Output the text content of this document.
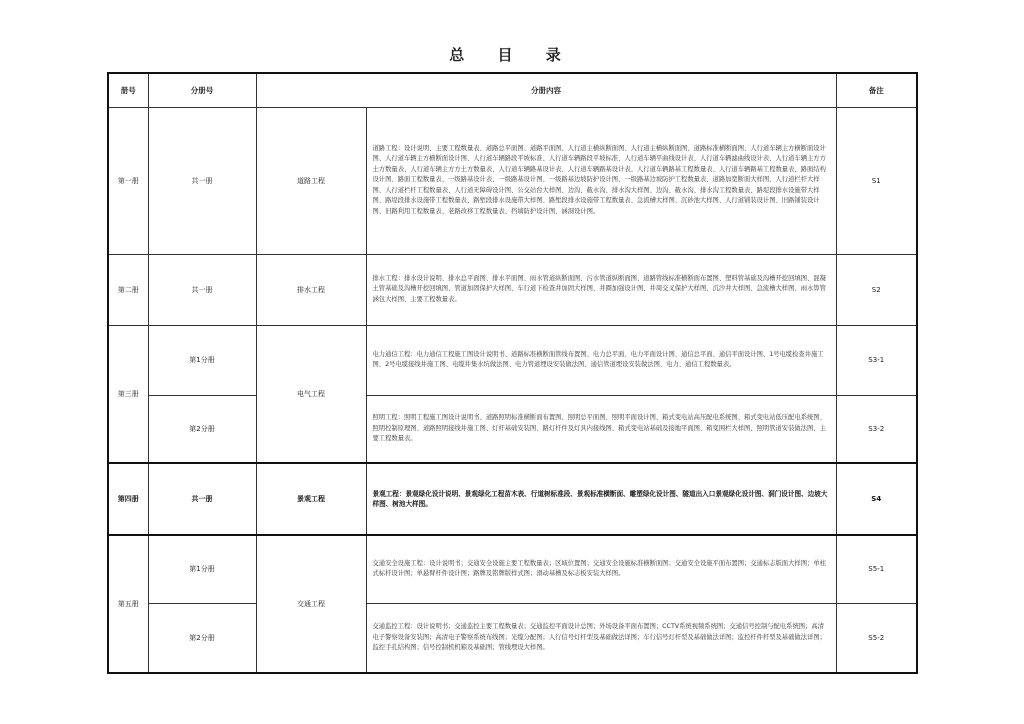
总 目 录
册号	分册号	分册内容		备注
第一册	共一册	道路工程	道路工程：设计说明、主要工程数量表、道路总平面图、道路平面图、人行道主横纵断面图、人行道主横纵断面图、道路标准横断面图、人行道车辆主方横断面设计图、人行道车辆主方横断面设计图、人行道车辆路段平坡标准、人行道车辆路段平坡标准、人行道车辆平曲线设计表、人行道车辆滤曲线设计表、人行道车辆主方方土方数量表、人行道车辆主方方土方数量表、人行道车辆路基设计表、人行道车辆路基设计表、人行道车辆路基工程数量表、人行道车辆路基工程数量表、路面结构设计图、路面工程数量表、一级路基设计表、一级路基设计图、一级路基边坡防护设计图、一级路基边坡防护工程数量表、道路加宽断面大样图、人行道栏杆大样图、人行道栏杆工程数量表、人行道无障碍设计图、公交站台大样图、边沟、截水沟、排水沟大样图、边沟、截水沟、排水沟工程数量表、路堤段排水设施带大样图、路堤段排水设施带工程数量表、路堑段排水设施带大样图、路堑段排水设施带工程数量表、急流槽大样图、沉砂池大样图、人行道铺装设计图、旧路铺装设计图、旧路利用工程数量表、老路改移工程数量表、挡墙防护设计图、涵洞设计图。	S1
第二册	共一册	排水工程	排水工程：排水设计说明、排水总平面图、排水平面图、雨水管道纵断面图、污水管道纵断面图、道路管线标准横断面布置图、塑料管基础及沟槽开挖回填图、混凝土管基础及沟槽开挖回填图、管道加固保护大样图、车行道下检查井加固大样图、井圈加强设计图、井周交叉保护大样图、沉沙井大样图、急流槽大样图、雨水箅管涵包大样图、主要工程数量表。	S2
第三册	第1分册	电气工程	电力通信工程：电力通信工程施工图设计说明书、道路标准横断面管线布置图、电力总平面、电力平面设计图、通信总平面、通信平面设计图、1号电缆检查井施工图、2号电缆接线井施工图、电缆井集水坑做法图、电力管道埋设安装做法图、通信管道埋设安装做法图、电力、通信工程数量表。	S3-1
	第2分册		照明工程：照明工程施工图设计说明书、道路照明标准横断面布置图、照明总平面图、照明平面设计图、箱式变电站高压配电系统图、箱式变电站低压配电系统图、照明控制原理图、道路照明接线井施工图、灯杆基础安装图、路灯杆件及灯具内接线图、箱式变电站基础及接地平面图、箱变围栏大样图、照明管道安装做法图、主要工程数量表。	S3-2
第四册	共一册	景观工程	景观工程：景观绿化设计说明、景观绿化工程苗木表、行道树标准段、景观标准横断面、雕塑绿化设计图、隧道出入口景观绿化设计图、洞门设计图、边坡大样图、树池大样图。	S4
第五册	第1分册	交通工程	交通安全设施工程：设计说明书；交通安全设施主要工程数量表；区域位置图；交通安全设施标准横断面图；交通安全设施平面布置图；交通标志版面大样图；单柱式标杆设计图；单悬臂杆件设计图；路牌及铭牌版样式图；滑动基槽及标志板安装大样图。	S5-1
	第2分册		交通监控工程：设计说明书；交通监控主要工程数量表；交通监控平面设计总图；外场设备平面布置图；CCTV系统视频系统图；交通信号控制与配电系统图；高清电子警察设备安装图；高清电子警察系统布线图；光缆分配图；人行信号灯杆型及基础做法详图；车行信号灯杆型及基础做法详图；监控杆件杆型及基础做法详图；监控手孔结构图；信号控制机机箱及基础图；管线埋设大样图。	S5-2
